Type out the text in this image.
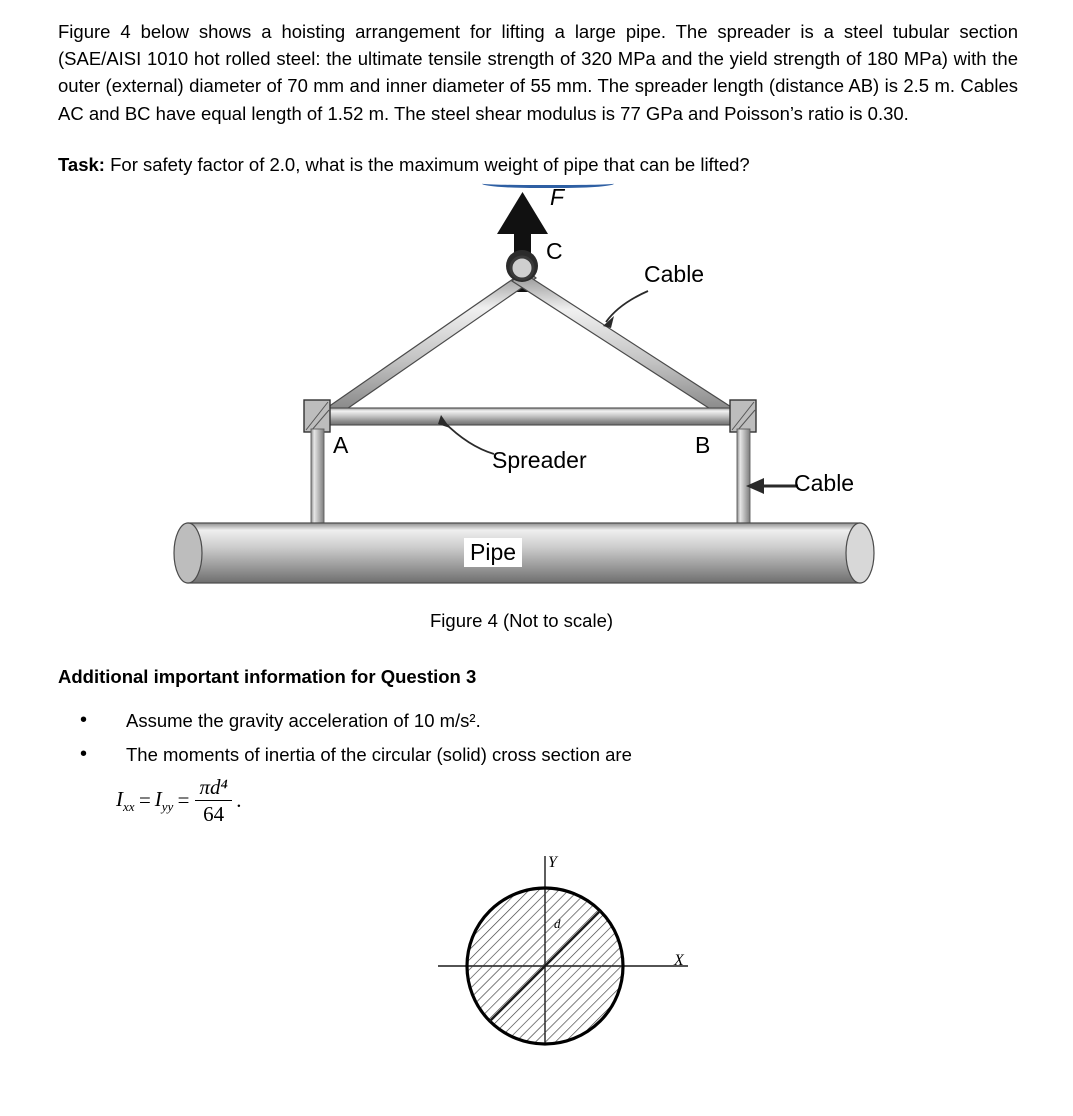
Figure 4 below shows a hoisting arrangement for lifting a large pipe. The spreader is a steel tubular section (SAE/AISI 1010 hot rolled steel: the ultimate tensile strength of 320 MPa and the yield strength of 180 MPa) with the outer (external) diameter of 70 mm and inner diameter of 55 mm. The spreader length (distance AB) is 2.5 m. Cables AC and BC have equal length of 1.52 m. The steel shear modulus is 77 GPa and Poisson’s ratio is 0.30.

Task: For safety factor of 2.0, what is the maximum weight of pipe that can be lifted?

F
C
A	B
Cable
Cable
Spreader
Pipe
Figure 4 (Not to scale)

Additional important information for Question 3

• Assume the gravity acceleration of 10 m/s².
• The moments of inertia of the circular (solid) cross section are
$I_{xx} = I_{yy} = \frac{\text{πd⁴}}{64}$ .
Y
X
d
